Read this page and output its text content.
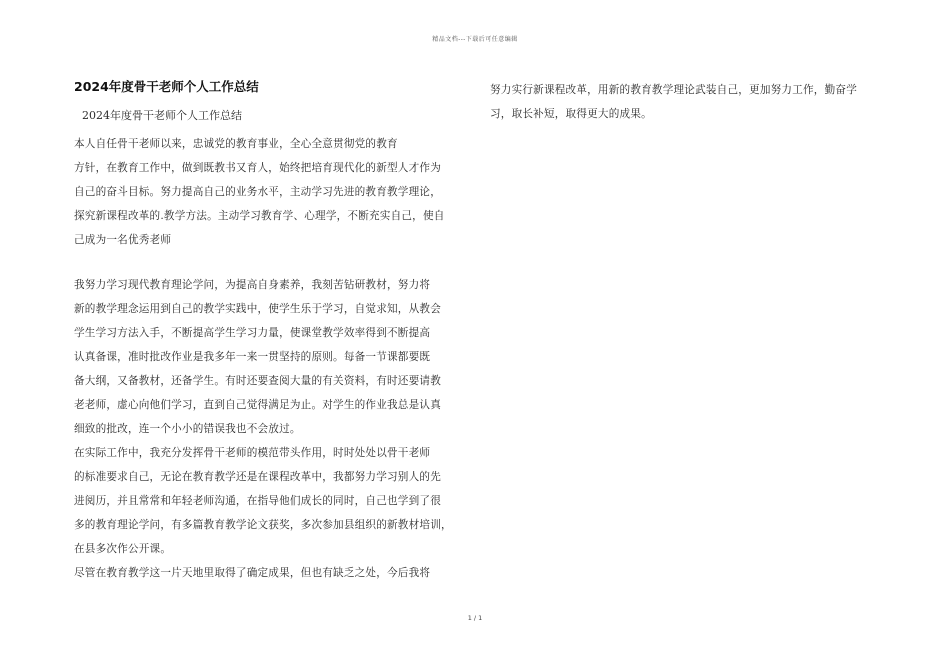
精品文档---下载后可任意编辑
2024年度骨干老师个人工作总结
2024年度骨干老师个人工作总结
本人自任骨干老师以来，忠诚党的教育事业，全心全意贯彻党的教育
方针，在教育工作中，做到既教书又育人，始终把培育现代化的新型人才作为
自己的奋斗目标。努力提高自己的业务水平，主动学习先进的教育教学理论，
探究新课程改革的.教学方法。主动学习教育学、心理学，不断充实自己，使自
己成为一名优秀老师
我努力学习现代教育理论学问，为提高自身素养，我刻苦钻研教材，努力将
新的教学理念运用到自己的教学实践中，使学生乐于学习，自觉求知，从教会
学生学习方法入手，不断提高学生学习力量，使课堂教学效率得到不断提高
认真备课，准时批改作业是我多年一来一贯坚持的原则。每备一节课都要既
备大纲，又备教材，还备学生。有时还要查阅大量的有关资料，有时还要请教
老老师，虚心向他们学习，直到自己觉得满足为止。对学生的作业我总是认真
细致的批改，连一个小小的错误我也不会放过。
在实际工作中，我充分发挥骨干老师的模范带头作用，时时处处以骨干老师
的标准要求自己，无论在教育教学还是在课程改革中，我都努力学习别人的先
进阅历，并且常常和年轻老师沟通，在指导他们成长的同时，自己也学到了很
多的教育理论学问，有多篇教育教学论文获奖，多次参加县组织的新教材培训，
在县多次作公开课。
尽管在教育教学这一片天地里取得了确定成果，但也有缺乏之处，今后我将
努力实行新课程改革，用新的教育教学理论武装自己，更加努力工作，勤奋学
习，取长补短，取得更大的成果。
1 / 1
